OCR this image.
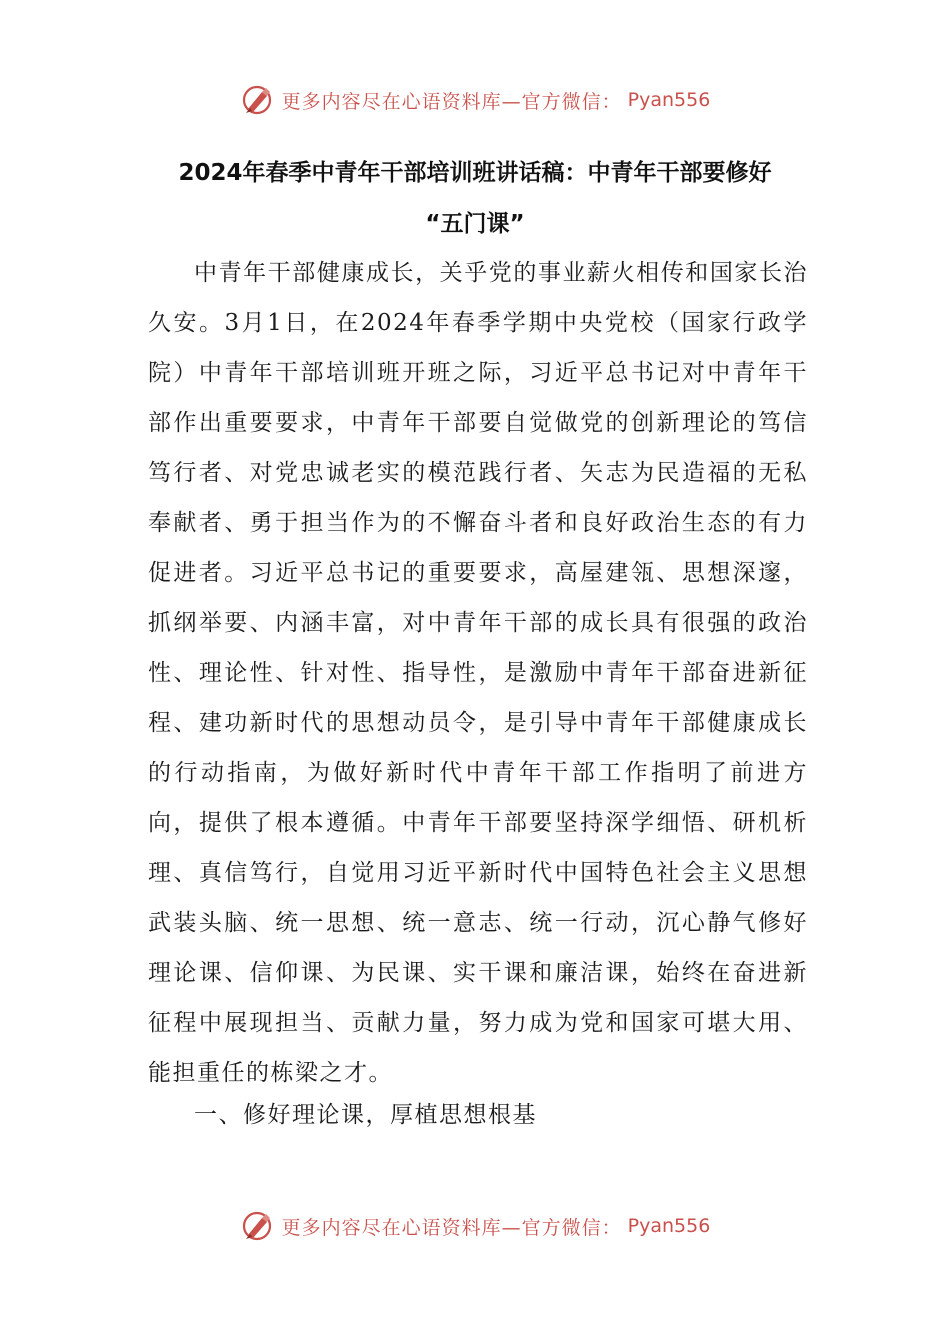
更多内容尽在心语资料库—官方微信： Pyan556
2024年春季中青年干部培训班讲话稿：中青年干部要修好
“五门课”

中青年干部健康成长，关乎党的事业薪火相传和国家长治久安。3月1日，在2024年春季学期中央党校（国家行政学院）中青年干部培训班开班之际，习近平总书记对中青年干部作出重要要求，中青年干部要自觉做党的创新理论的笃信笃行者、对党忠诚老实的模范践行者、矢志为民造福的无私奉献者、勇于担当作为的不懈奋斗者和良好政治生态的有力促进者。习近平总书记的重要要求，高屋建瓴、思想深邃，抓纲举要、内涵丰富，对中青年干部的成长具有很强的政治性、理论性、针对性、指导性，是激励中青年干部奋进新征程、建功新时代的思想动员令，是引导中青年干部健康成长的行动指南，为做好新时代中青年干部工作指明了前进方向，提供了根本遵循。中青年干部要坚持深学细悟、研机析理、真信笃行，自觉用习近平新时代中国特色社会主义思想武装头脑、统一思想、统一意志、统一行动，沉心静气修好理论课、信仰课、为民课、实干课和廉洁课，始终在奋进新征程中展现担当、贡献力量，努力成为党和国家可堪大用、能担重任的栋梁之才。

一、修好理论课，厚植思想根基

更多内容尽在心语资料库—官方微信： Pyan556
